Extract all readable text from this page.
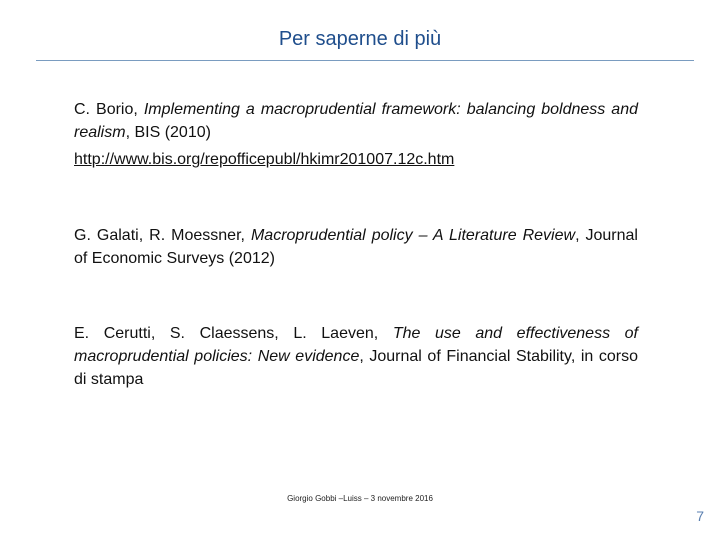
Per saperne di più
C. Borio, Implementing a macroprudential framework: balancing boldness and realism, BIS (2010)
http://www.bis.org/repofficepubl/hkimr201007.12c.htm
G. Galati, R. Moessner, Macroprudential policy – A Literature Review, Journal of Economic Surveys (2012)
E. Cerutti, S. Claessens, L. Laeven, The use and effectiveness of macroprudential policies: New evidence, Journal of Financial Stability, in corso di stampa
Giorgio Gobbi –Luiss – 3 novembre 2016
7
